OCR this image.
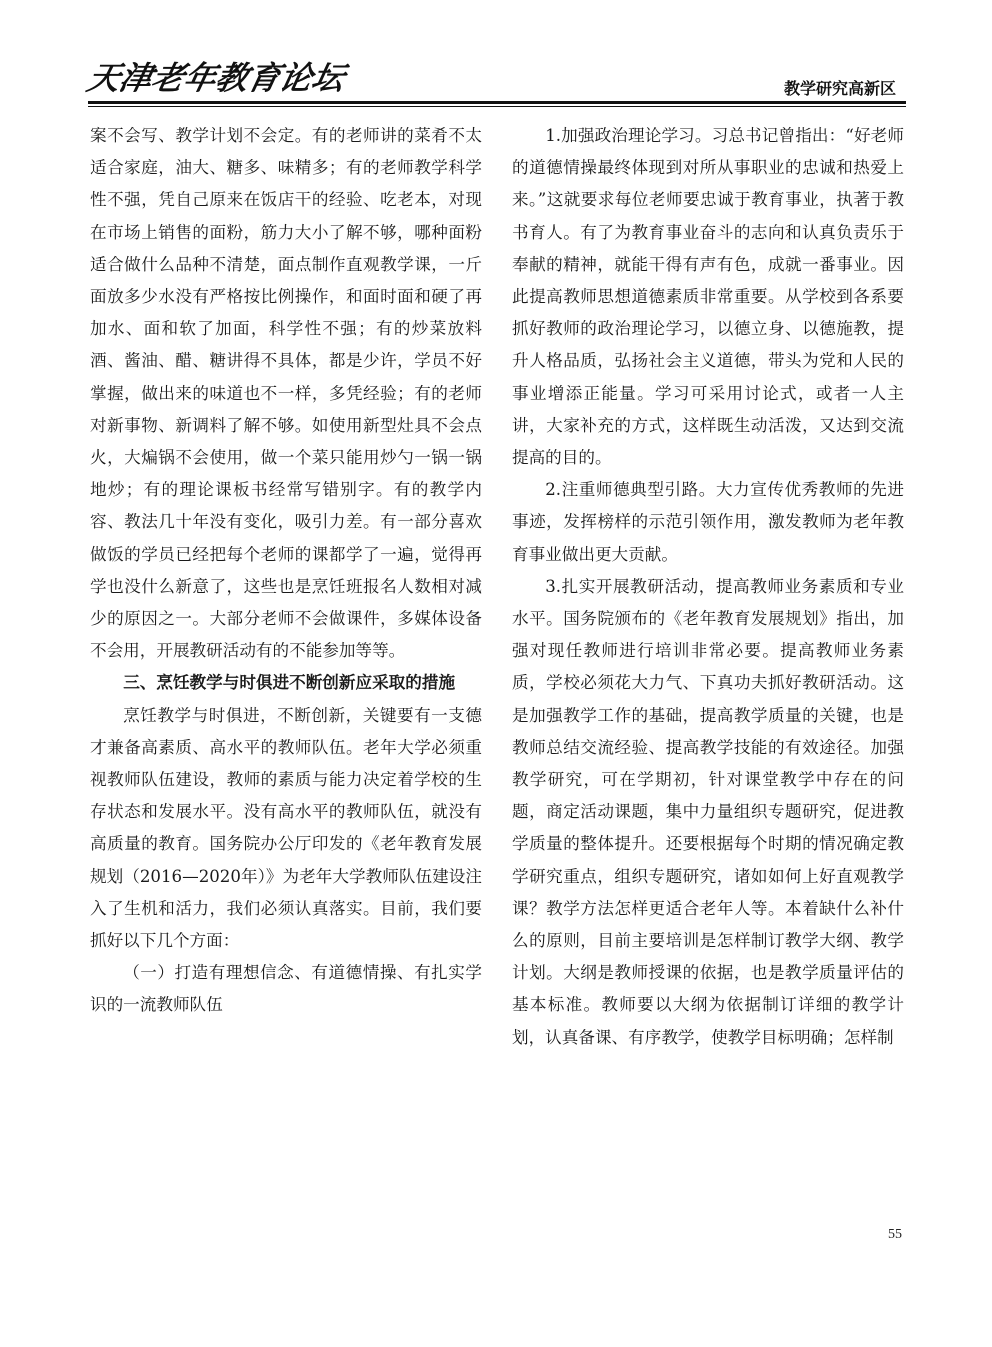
天津老年教育论坛	教学研究高新区

案不会写、教学计划不会定。有的老师讲的菜肴不太适合家庭，油大、糖多、味精多；有的老师教学科学性不强，凭自己原来在饭店干的经验、吃老本，对现在市场上销售的面粉，筋力大小了解不够，哪种面粉适合做什么品种不清楚，面点制作直观教学课，一斤面放多少水没有严格按比例操作，和面时面和硬了再加水、面和软了加面，科学性不强；有的炒菜放料酒、酱油、醋、糖讲得不具体，都是少许，学员不好掌握，做出来的味道也不一样，多凭经验；有的老师对新事物、新调料了解不够。如使用新型灶具不会点火，大煸锅不会使用，做一个菜只能用炒勺一锅一锅地炒；有的理论课板书经常写错别字。有的教学内容、教法几十年没有变化，吸引力差。有一部分喜欢做饭的学员已经把每个老师的课都学了一遍，觉得再学也没什么新意了，这些也是烹饪班报名人数相对减少的原因之一。大部分老师不会做课件，多媒体设备不会用，开展教研活动有的不能参加等等。

三、烹饪教学与时俱进不断创新应采取的措施

烹饪教学与时俱进，不断创新，关键要有一支德才兼备高素质、高水平的教师队伍。老年大学必须重视教师队伍建设，教师的素质与能力决定着学校的生存状态和发展水平。没有高水平的教师队伍，就没有高质量的教育。国务院办公厅印发的《老年教育发展规划（2016—2020年）》为老年大学教师队伍建设注入了生机和活力，我们必须认真落实。目前，我们要抓好以下几个方面：

（一）打造有理想信念、有道德情操、有扎实学识的一流教师队伍

1.加强政治理论学习。习总书记曾指出：“好老师的道德情操最终体现到对所从事职业的忠诚和热爱上来。”这就要求每位老师要忠诚于教育事业，执著于教书育人。有了为教育事业奋斗的志向和认真负责乐于奉献的精神，就能干得有声有色，成就一番事业。因此提高教师思想道德素质非常重要。从学校到各系要抓好教师的政治理论学习，以德立身、以德施教，提升人格品质，弘扬社会主义道德，带头为党和人民的事业增添正能量。学习可采用讨论式，或者一人主讲，大家补充的方式，这样既生动活泼，又达到交流提高的目的。

2.注重师德典型引路。大力宣传优秀教师的先进事迹，发挥榜样的示范引领作用，激发教师为老年教育事业做出更大贡献。

3.扎实开展教研活动，提高教师业务素质和专业水平。国务院颁布的《老年教育发展规划》指出，加强对现任教师进行培训非常必要。提高教师业务素质，学校必须花大力气、下真功夫抓好教研活动。这是加强教学工作的基础，提高教学质量的关键，也是教师总结交流经验、提高教学技能的有效途径。加强教学研究，可在学期初，针对课堂教学中存在的问题，商定活动课题，集中力量组织专题研究，促进教学质量的整体提升。还要根据每个时期的情况确定教学研究重点，组织专题研究，诸如如何上好直观教学课？教学方法怎样更适合老年人等。本着缺什么补什么的原则，目前主要培训是怎样制订教学大纲、教学计划。大纲是教师授课的依据，也是教学质量评估的基本标准。教师要以大纲为依据制订详细的教学计划，认真备课、有序教学，使教学目标明确；怎样制

55
